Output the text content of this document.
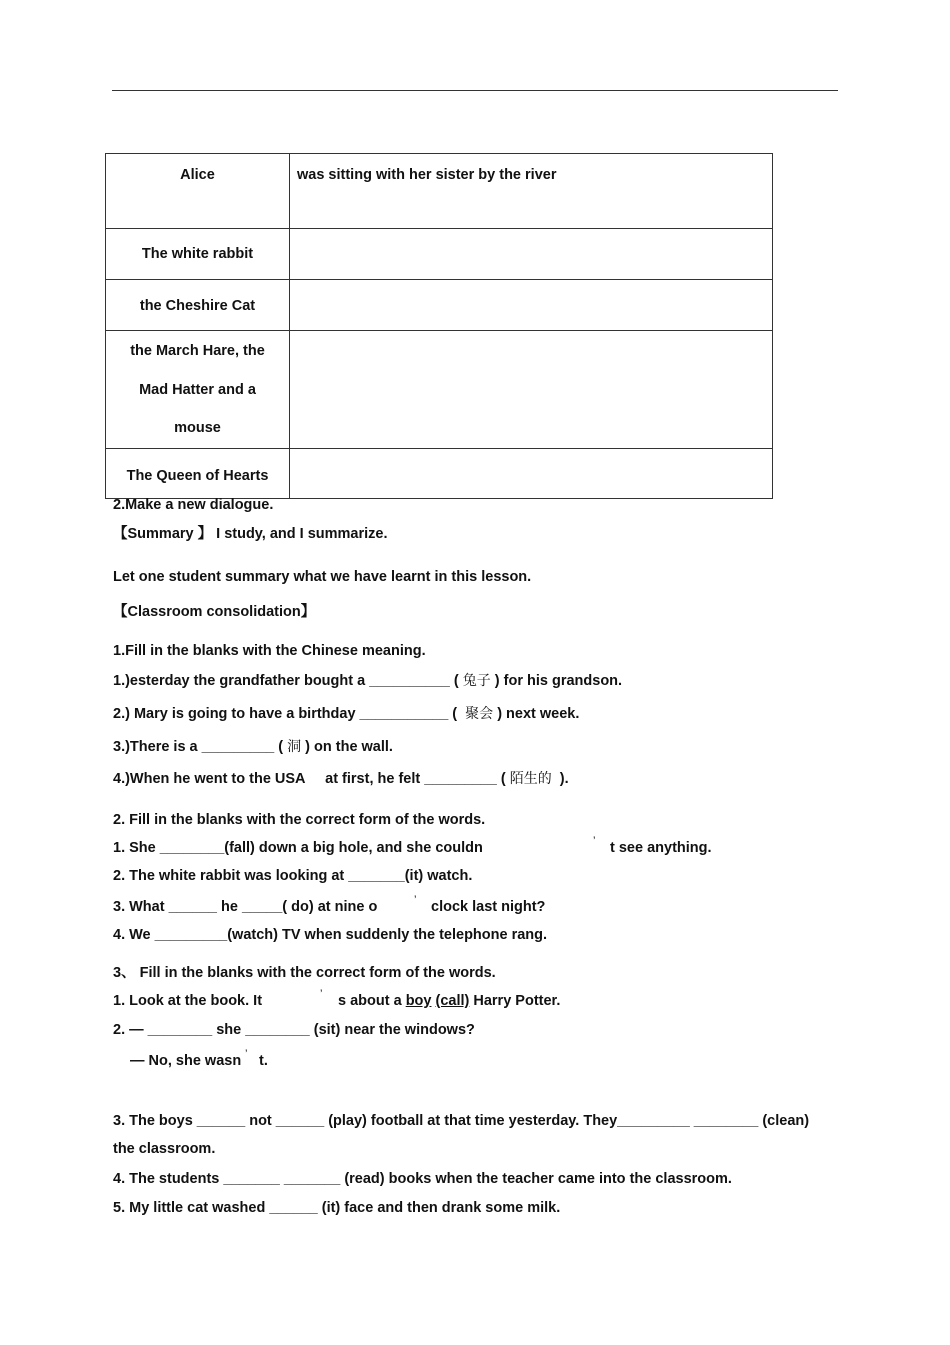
Alice	was sitting with her sister by the river

The white rabbit	

the Cheshire Cat	

the March Hare, the
Mad Hatter and a
mouse	

The Queen of Hearts	

2.Make a new dialogue.
【Summary 】 I study, and I summarize.
Let one student summary what we have learnt in this lesson.
【Classroom consolidation】
1.Fill in the blanks with the Chinese meaning.
1.)esterday the grandfather bought a __________ ( 兔子 ) for his grandson.
2.) Mary is going to have a birthday ___________ (  聚会 ) next week.
3.)There is a _________ ( 洞 ) on the wall.
4.)When he went to the USA     at first, he felt _________ ( 陌生的  ).
2. Fill in the blanks with the correct form of the words.
1. She ________(fall) down a big hole, and she couldn	’ t see anything.
2. The white rabbit was looking at _______(it) watch.
3. What ______ he _____( do) at nine o	’ clock last night?
4. We _________(watch) TV when suddenly the telephone rang.
3、 Fill in the blanks with the correct form of the words.
1. Look at the book. It	’ s about a boy (call) Harry Potter.
2. — ________ she ________ (sit) near the windows?
— No, she wasn ’ t.
3. The boys ______ not ______ (play) football at that time yesterday. They_________ ________ (clean)
the classroom.
4. The students _______ _______ (read) books when the teacher came into the classroom.
5. My little cat washed ______ (it) face and then drank some milk.
